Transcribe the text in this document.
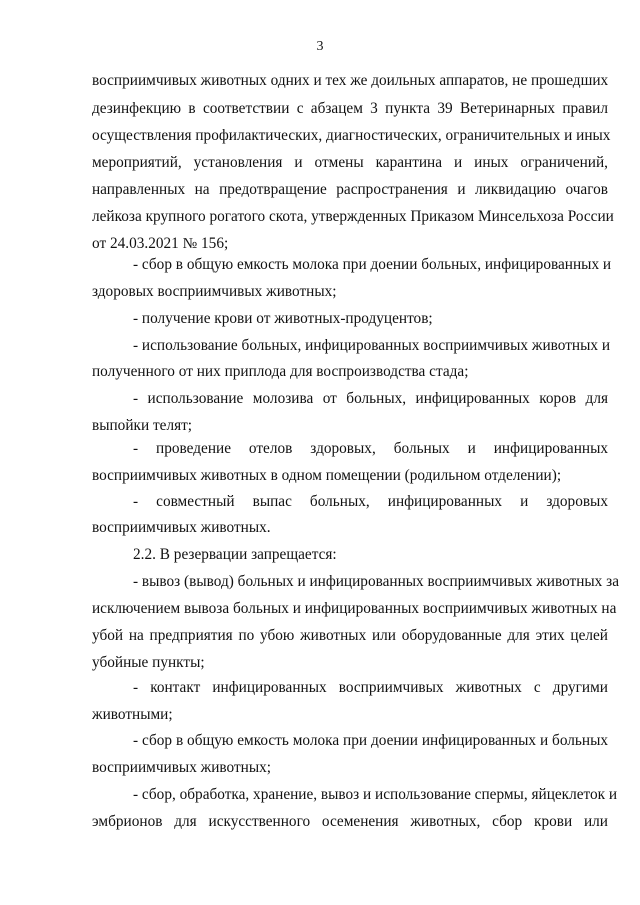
3
восприимчивых животных одних и тех же доильных аппаратов, не прошедших
дезинфекцию в соответствии с абзацем 3 пункта 39 Ветеринарных правил
осуществления профилактических, диагностических, ограничительных и иных
мероприятий, установления и отмены карантина и иных ограничений,
направленных на предотвращение распространения и ликвидацию очагов
лейкоза крупного рогатого скота, утвержденных Приказом Минсельхоза России
от 24.03.2021 № 156;
- сбор в общую емкость молока при доении больных, инфицированных и
здоровых восприимчивых животных;
- получение крови от животных-продуцентов;
- использование больных, инфицированных восприимчивых животных и
полученного от них приплода для воспроизводства стада;
- использование молозива от больных, инфицированных коров для
выпойки телят;
- проведение отелов здоровых, больных и инфицированных
восприимчивых животных в одном помещении (родильном отделении);
- совместный выпас больных, инфицированных и здоровых
восприимчивых животных.
2.2. В резервации запрещается:
- вывоз (вывод) больных и инфицированных восприимчивых животных за
исключением вывоза больных и инфицированных восприимчивых животных на
убой на предприятия по убою животных или оборудованные для этих целей
убойные пункты;
- контакт инфицированных восприимчивых животных с другими
животными;
- сбор в общую емкость молока при доении инфицированных и больных
восприимчивых животных;
- сбор, обработка, хранение, вывоз и использование спермы, яйцеклеток и
эмбрионов для искусственного осеменения животных, сбор крови или
